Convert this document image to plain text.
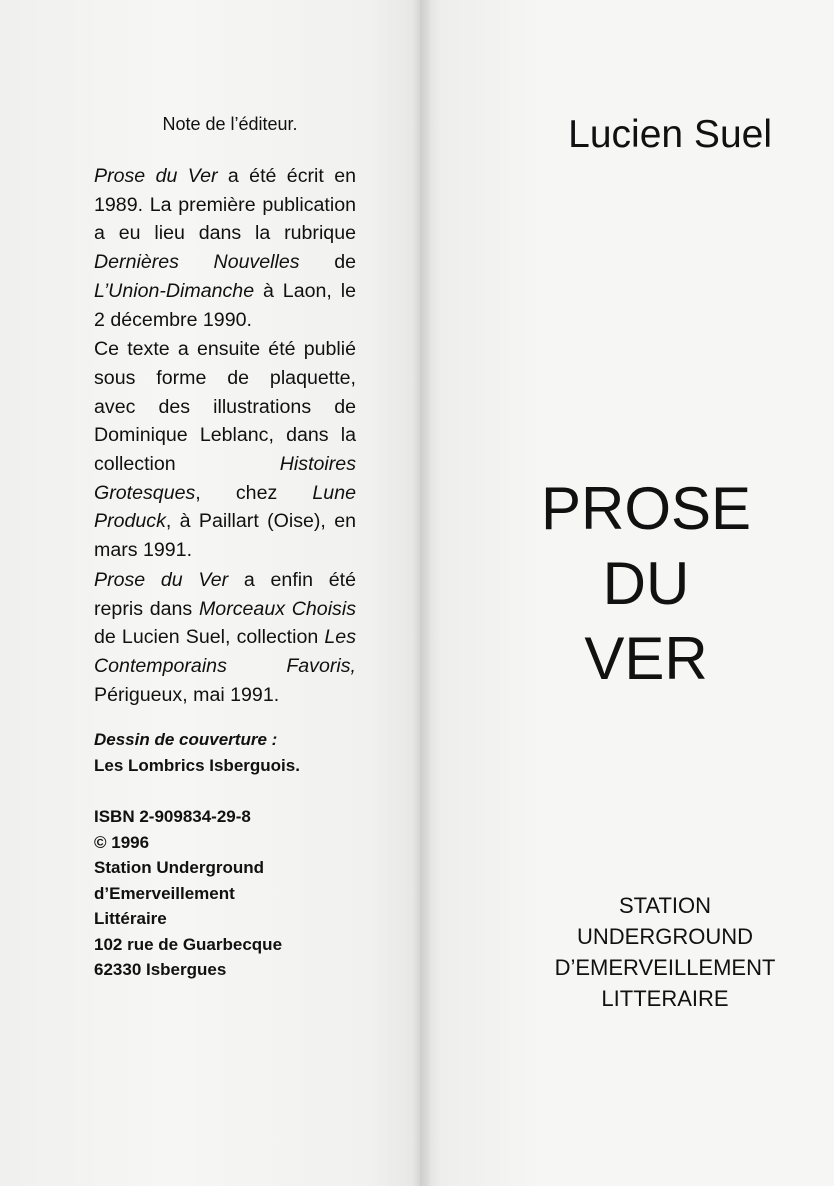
Note de l’éditeur.

Prose du Ver a été écrit en 1989. La première publication a eu lieu dans la rubrique Dernières Nouvelles de L’Union-Dimanche à Laon, le 2 décembre 1990.

Ce texte a ensuite été publié sous forme de plaquette, avec des illustrations de Dominique Leblanc, dans la collection Histoires Grotesques, chez Lune Produck, à Paillart (Oise), en mars 1991.

Prose du Ver a enfin été repris dans Morceaux Choisis de Lucien Suel, collection Les Contemporains Favoris, Périgueux, mai 1991.

Dessin de couverture :
Les Lombrics Isberguois.

ISBN 2-909834-29-8
© 1996
Station Underground
d’Emerveillement
Littéraire
102 rue de Guarbecque
62330 Isbergues

Lucien Suel
PROSE
DU
VER
STATION
UNDERGROUND
D’EMERVEILLEMENT
LITTERAIRE
